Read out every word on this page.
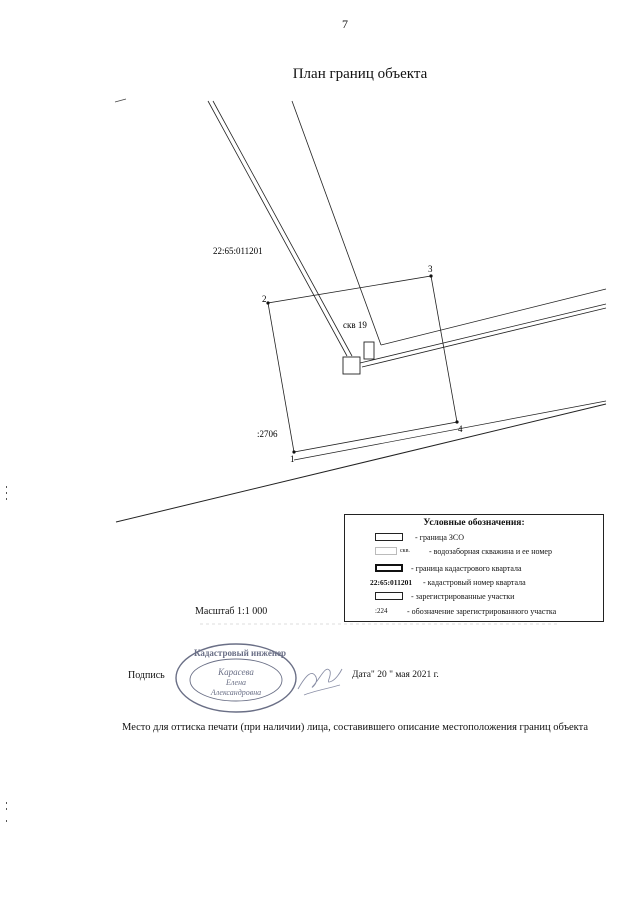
7
План границ объекта
22:65:011201
скв 19
:2706
1
2
3
4
Масштаб 1:1 000
Условные обозначения:
- граница ЗСО
скв. - водозаборная скважина и ее номер
- граница кадастрового квартала
22:65:011201 - кадастровый номер квартала
- зарегистрированные участки
:224 - обозначение зарегистрированного участка
Подпись
Кадастровый инженер
Карасева
Елена
Александровна
Дата" 20 " мая 2021 г.
Место для оттиска печати (при наличии) лица, составившего описание местоположения границ объекта
